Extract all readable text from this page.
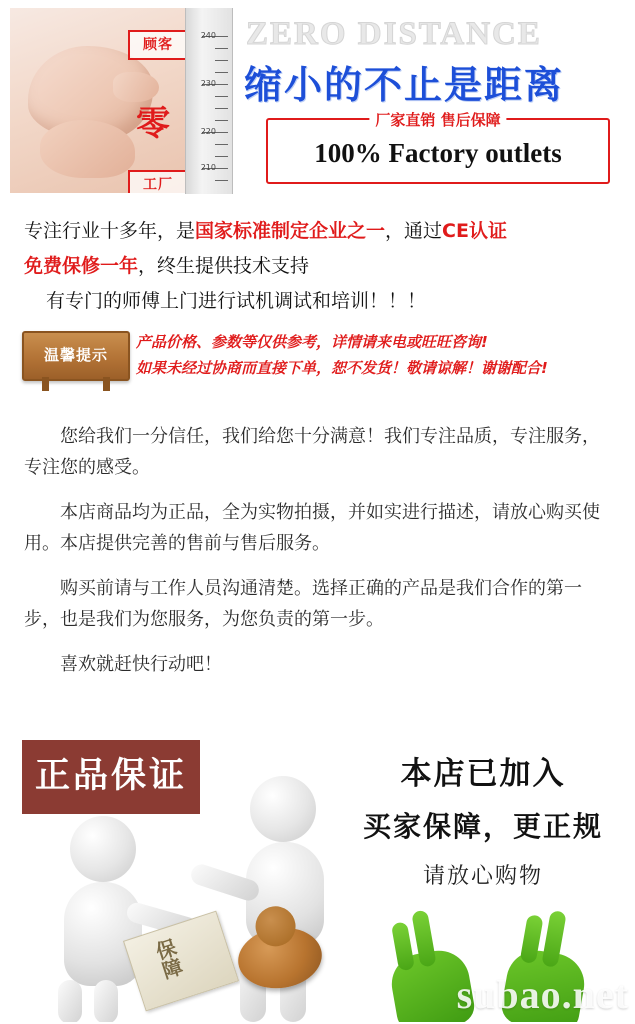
顾客
零
工厂
240
230
220
210
ZERO DISTANCE
缩小的不止是距离
厂家直销 售后保障
100% Factory outlets
专注行业十多年，是国家标准制定企业之一，通过CE认证
免费保修一年，终生提供技术支持
有专门的师傅上门进行试机调试和培训！！！
温馨提示
产品价格、参数等仅供参考，详情请来电或旺旺咨询!
如果未经过协商而直接下单，恕不发货！敬请谅解！谢谢配合!

您给我们一分信任，我们给您十分满意！我们专注品质，专注服务，专注您的感受。

本店商品均为正品，全为实物拍摄，并如实进行描述，请放心购买使用。本店提供完善的售前与售后服务。

购买前请与工作人员沟通清楚。选择正确的产品是我们合作的第一步，也是我们为您服务，为您负责的第一步。

喜欢就赶快行动吧！

正品保证
保障
本店已加入
买家保障，更正规
请放心购物
subao.net
